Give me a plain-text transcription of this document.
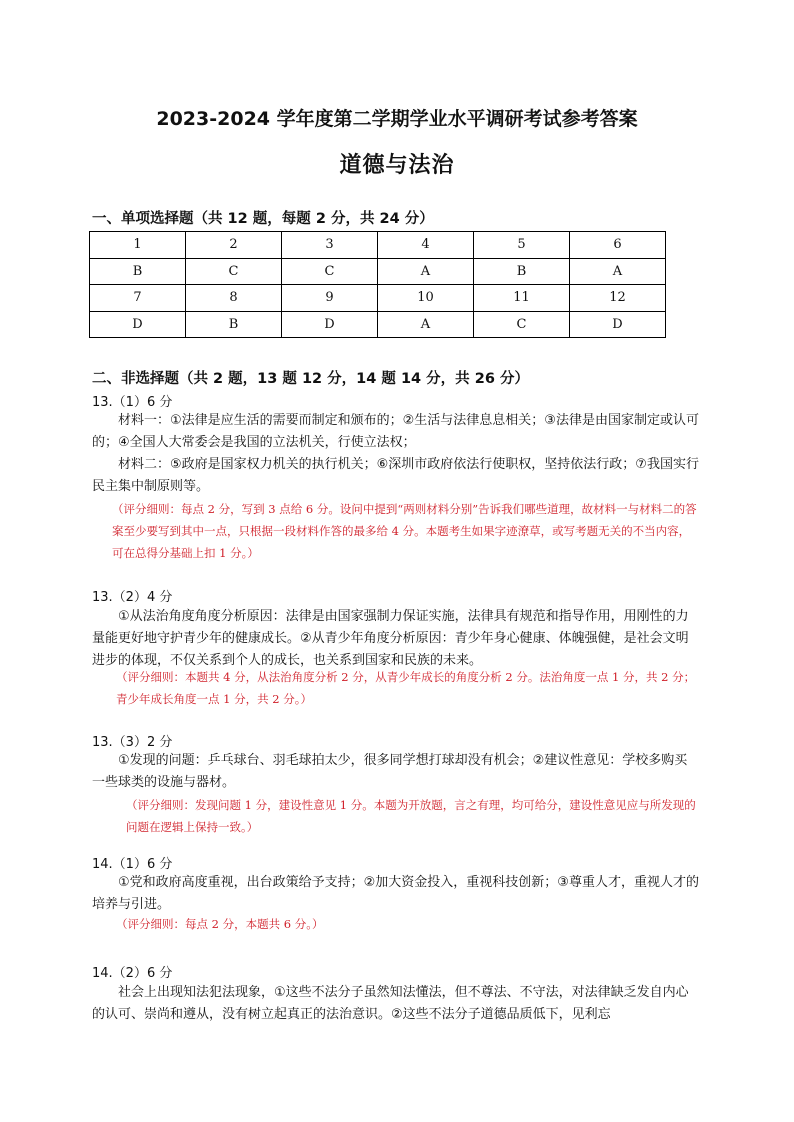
2023-2024 学年度第二学期学业水平调研考试参考答案
道德与法治
一、单项选择题（共 12 题，每题 2 分，共 24 分）
1	2	3	4	5	6
B	C	C	A	B	A
7	8	9	10	11	12
D	B	D	A	C	D
二、非选择题（共 2 题，13 题 12 分，14 题 14 分，共 26 分）
13.（1）6 分
材料一：①法律是应生活的需要而制定和颁布的；②生活与法律息息相关；③法律是由国家制定或认可的；④全国人大常委会是我国的立法机关，行使立法权；
材料二：⑤政府是国家权力机关的执行机关；⑥深圳市政府依法行使职权，坚持依法行政；⑦我国实行民主集中制原则等。
（评分细则：每点 2 分，写到 3 点给 6 分。设问中提到“两则材料分别”告诉我们哪些道理，故材料一与材料二的答案至少要写到其中一点，只根据一段材料作答的最多给 4 分。本题考生如果字迹潦草，或写考题无关的不当内容，可在总得分基础上扣 1 分。）
13.（2）4 分
①从法治角度角度分析原因：法律是由国家强制力保证实施，法律具有规范和指导作用，用刚性的力量能更好地守护青少年的健康成长。②从青少年角度分析原因：青少年身心健康、体魄强健，是社会文明进步的体现，不仅关系到个人的成长，也关系到国家和民族的未来。
（评分细则：本题共 4 分，从法治角度分析 2 分，从青少年成长的角度分析 2 分。法治角度一点 1 分，共 2 分；青少年成长角度一点 1 分，共 2 分。）
13.（3）2 分
①发现的问题：乒乓球台、羽毛球拍太少，很多同学想打球却没有机会；②建议性意见：学校多购买一些球类的设施与器材。
（评分细则：发现问题 1 分，建设性意见 1 分。本题为开放题，言之有理，均可给分，建设性意见应与所发现的问题在逻辑上保持一致。）
14.（1）6 分
①党和政府高度重视，出台政策给予支持；②加大资金投入，重视科技创新；③尊重人才，重视人才的培养与引进。
（评分细则：每点 2 分，本题共 6 分。）
14.（2）6 分
社会上出现知法犯法现象，①这些不法分子虽然知法懂法，但不尊法、不守法，对法律缺乏发自内心的认可、崇尚和遵从，没有树立起真正的法治意识。②这些不法分子道德品质低下，见利忘
